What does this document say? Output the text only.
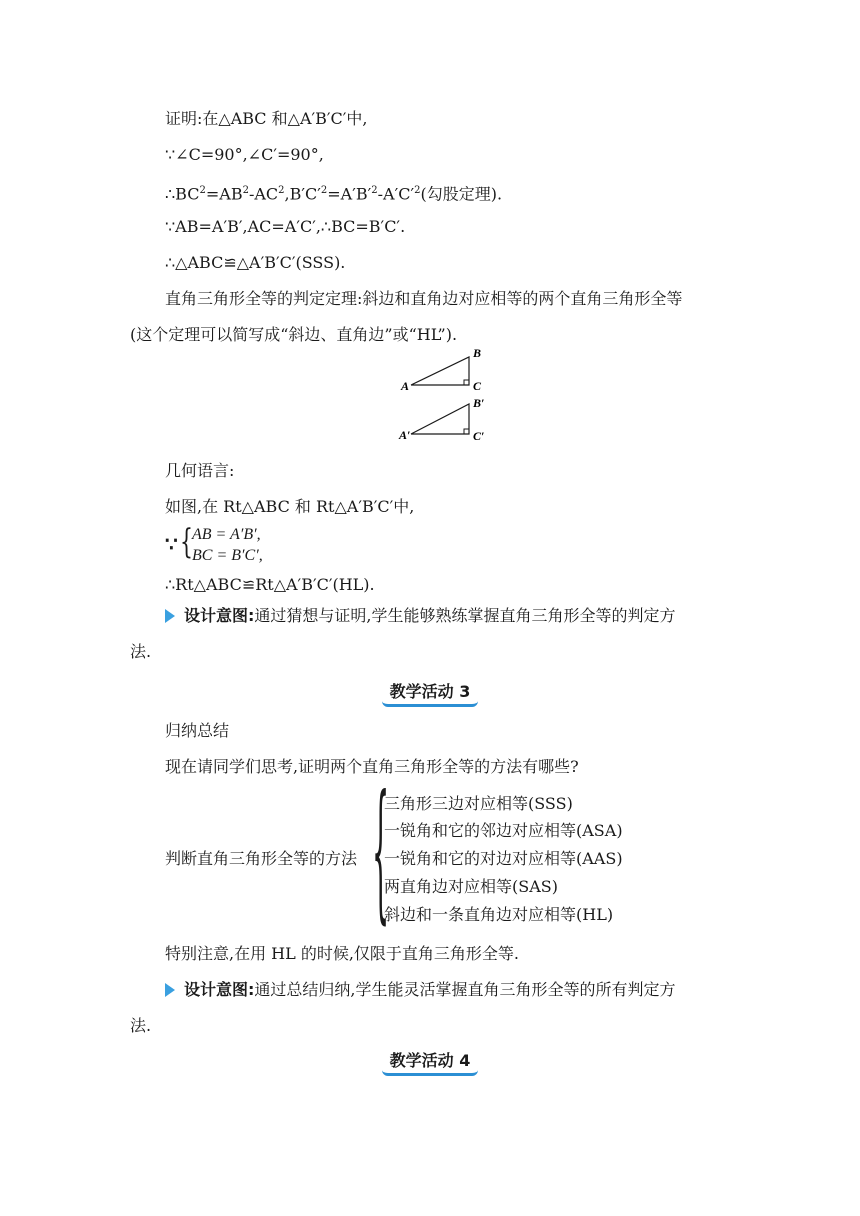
证明:在△ABC 和△A′B′C′中,
∵∠C=90°,∠C′=90°,
$\therefore BC^2=AB^2-AC^2,B'C'^2=A'B'^2-A'C'^2$(勾股定理).
∵AB=A′B′,AC=A′C′,∴BC=B′C′.
∴△ABC≌△A′B′C′(SSS).
直角三角形全等的判定定理:斜边和直角边对应相等的两个直角三角形全等
(这个定理可以简写成“斜边、直角边”或“HL”).
A
B
C
A′
B′
C′
几何语言:
如图,在 Rt△ABC 和 Rt△A′B′C′中,
∵ { AB = A′B′,
BC = B′C′,
∴Rt△ABC≌Rt△A′B′C′(HL).
设计意图:通过猜想与证明,学生能够熟练掌握直角三角形全等的判定方
法.
教学活动 3
归纳总结
现在请同学们思考,证明两个直角三角形全等的方法有哪些?
判断直角三角形全等的方法 {
三角形三边对应相等(SSS)
一锐角和它的邻边对应相等(ASA)
一锐角和它的对边对应相等(AAS)
两直角边对应相等(SAS)
斜边和一条直角边对应相等(HL)
特别注意,在用 HL 的时候,仅限于直角三角形全等.
设计意图:通过总结归纳,学生能灵活掌握直角三角形全等的所有判定方
法.
教学活动 4
